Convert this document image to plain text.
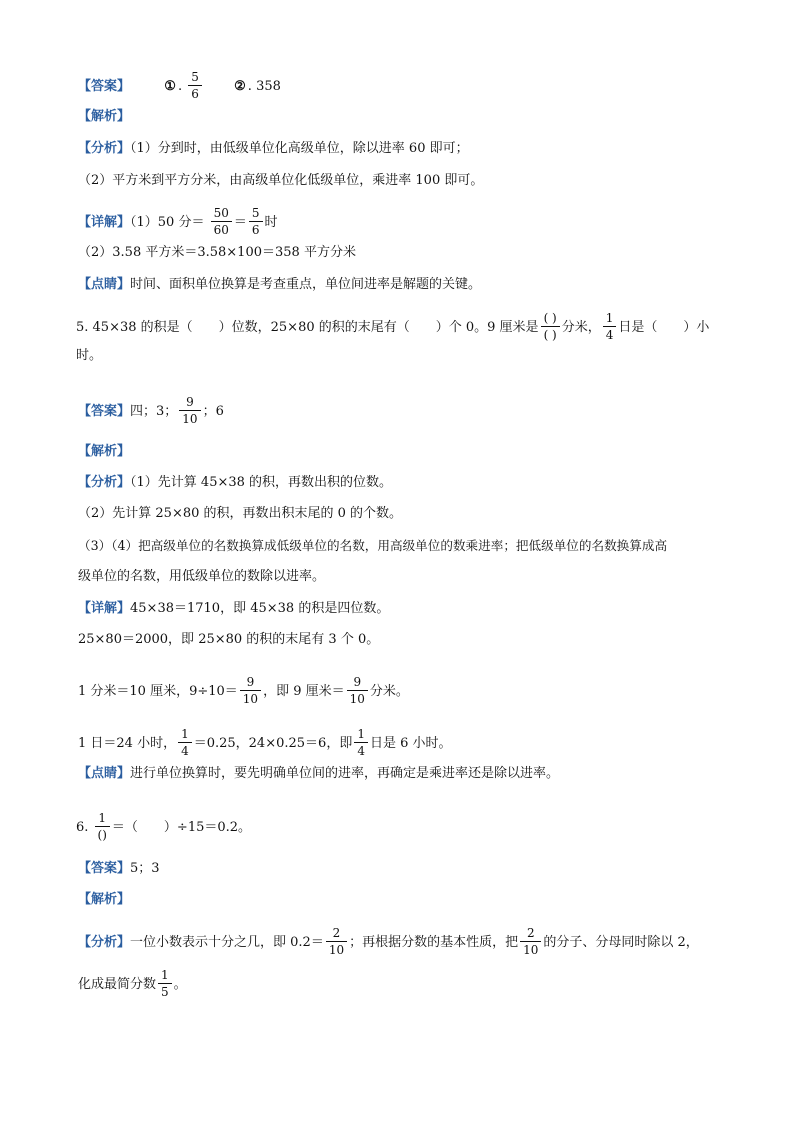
【答案】	① . $\frac{5}{6}$ ② . 358
【解析】
【分析】（1）分到时，由低级单位化高级单位，除以进率 60 即可；
（2）平方米到平方分米，由高级单位化低级单位，乘进率 100 即可。
【详解】（1）50 分＝ $\frac{50}{60} = \frac{5}{6}$ 时
（2）3.58 平方米＝3.58×100＝358 平方分米
【点睛】时间、面积单位换算是考查重点，单位间进率是解题的关键。
5. 45×38 的积是（　　）位数，25×80 的积的末尾有（　　）个 0。9 厘米是 $\frac{( )}{( )}$ 分米， $\frac{1}{4}$ 日是（　　）小
时。
【答案】四；3； $\frac{9}{10}$ ；6
【解析】
【分析】（1）先计算 45×38 的积，再数出积的位数。
（2）先计算 25×80 的积，再数出积末尾的 0 的个数。
（3）（4）把高级单位的名数换算成低级单位的名数，用高级单位的数乘进率；把低级单位的名数换算成高
级单位的名数，用低级单位的数除以进率。
【详解】45×38＝1710，即 45×38 的积是四位数。
25×80＝2000，即 25×80 的积的末尾有 3 个 0。
1 分米＝10 厘米，$9\div 10= \frac{9}{10}$ ，即 9 厘米＝ $\frac{9}{10}$ 分米。
1 日＝24 小时， $\frac{1}{4} =0.25$，24×0.25＝6，即 $\frac{1}{4}$ 日是 6 小时。
【点睛】进行单位换算时，要先明确单位间的进率，再确定是乘进率还是除以进率。
6. $\frac{1}{()}$ ＝（　　）÷15＝0.2。
【答案】5；3
【解析】
【分析】一位小数表示十分之几，即 $0.2= \frac{2}{10}$ ；再根据分数的基本性质，把 $\frac{2}{10}$ 的分子、分母同时除以 2，
化成最简分数 $\frac{1}{5}$ 。
